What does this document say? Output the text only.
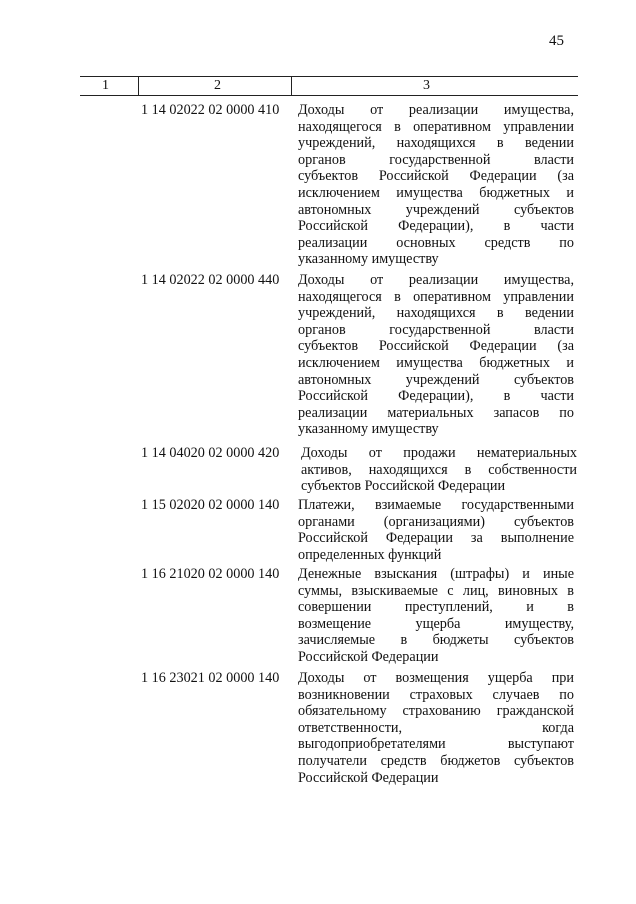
45
1	2	3
1 14 02022 02 0000 410 Доходы от реализации имущества,
находящегося в оперативном управлении
учреждений, находящихся в ведении
органов государственной власти
субъектов Российской Федерации (за
исключением имущества бюджетных и
автономных учреждений субъектов
Российской Федерации), в части
реализации основных средств по
указанному имуществу
1 14 02022 02 0000 440 Доходы от реализации имущества,
находящегося в оперативном управлении
учреждений, находящихся в ведении
органов государственной власти
субъектов Российской Федерации (за
исключением имущества бюджетных и
автономных учреждений субъектов
Российской Федерации), в части
реализации материальных запасов по
указанному имуществу
1 14 04020 02 0000 420 Доходы от продажи нематериальных
активов, находящихся в собственности
субъектов Российской Федерации
1 15 02020 02 0000 140 Платежи, взимаемые государственными
органами (организациями) субъектов
Российской Федерации за выполнение
определенных функций
1 16 21020 02 0000 140 Денежные взыскания (штрафы) и иные
суммы, взыскиваемые с лиц, виновных в
совершении преступлений, и в
возмещение ущерба имуществу,
зачисляемые в бюджеты субъектов
Российской Федерации
1 16 23021 02 0000 140 Доходы от возмещения ущерба при
возникновении страховых случаев по
обязательному страхованию гражданской
ответственности, когда
выгодоприобретателями выступают
получатели средств бюджетов субъектов
Российской Федерации
